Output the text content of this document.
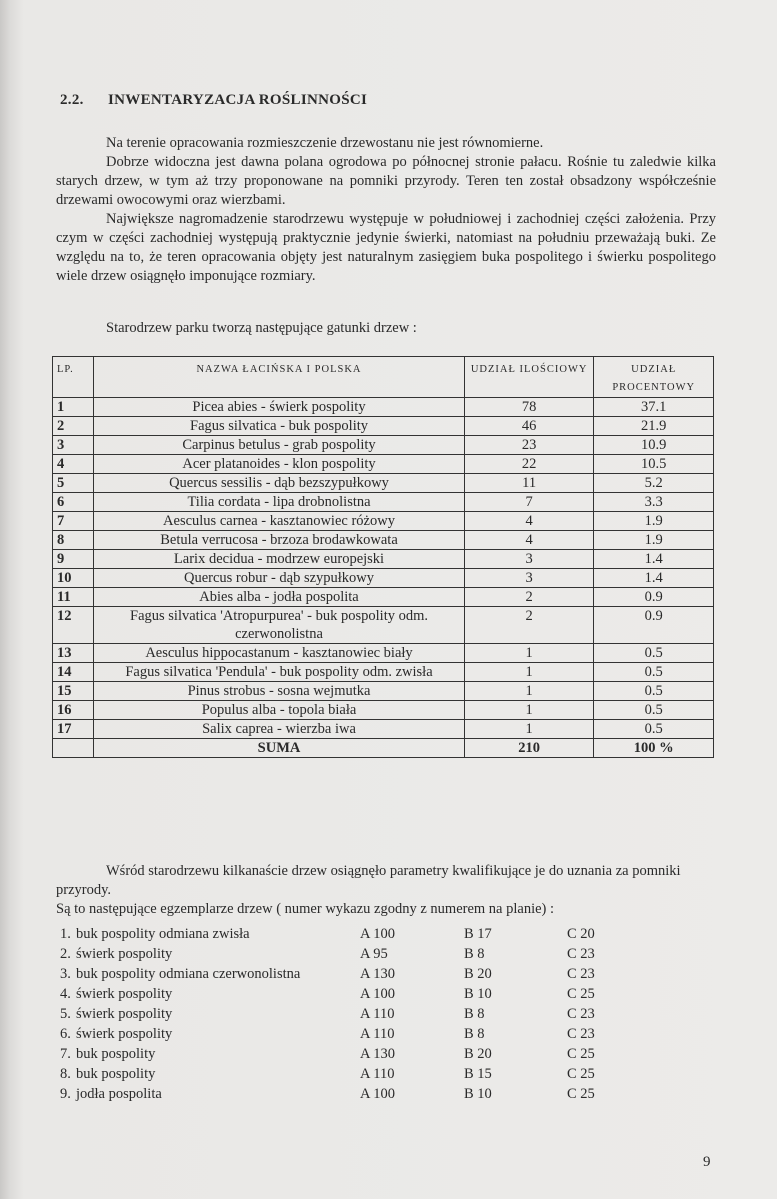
2.2. INWENTARYZACJA ROŚLINNOŚCI

Na terenie opracowania rozmieszczenie drzewostanu nie jest równomierne.

Dobrze widoczna jest dawna polana ogrodowa po północnej stronie pałacu. Rośnie tu zaledwie kilka starych drzew, w tym aż trzy proponowane na pomniki przyrody. Teren ten został obsadzony współcześnie drzewami owocowymi oraz wierzbami.

Największe nagromadzenie starodrzewu występuje w południowej i zachodniej części założenia. Przy czym w części zachodniej występują praktycznie jedynie świerki, natomiast na południu przeważają buki. Ze względu na to, że teren opracowania objęty jest naturalnym zasięgiem buka pospolitego i świerku pospolitego wiele drzew osiągnęło imponujące rozmiary.

Starodrzew parku tworzą następujące gatunki drzew :
LP.	NAZWA ŁACIŃSKA I POLSKA	UDZIAŁ ILOŚCIOWY	UDZIAŁ PROCENTOWY
1	Picea abies - świerk pospolity	78	37.1
2	Fagus silvatica - buk pospolity	46	21.9
3	Carpinus betulus - grab pospolity	23	10.9
4	Acer platanoides - klon pospolity	22	10.5
5	Quercus sessilis - dąb bezszypułkowy	11	5.2
6	Tilia cordata - lipa drobnolistna	7	3.3
7	Aesculus carnea - kasztanowiec różowy	4	1.9
8	Betula verrucosa - brzoza brodawkowata	4	1.9
9	Larix decidua - modrzew europejski	3	1.4
10	Quercus robur - dąb szypułkowy	3	1.4
11	Abies alba - jodła pospolita	2	0.9
12	Fagus silvatica 'Atropurpurea' - buk pospolity odm. czerwonolistna	2	0.9
13	Aesculus hippocastanum - kasztanowiec biały	1	0.5
14	Fagus silvatica 'Pendula' - buk pospolity odm. zwisła	1	0.5
15	Pinus strobus - sosna wejmutka	1	0.5
16	Populus alba - topola biała	1	0.5
17	Salix caprea - wierzba iwa	1	0.5
	SUMA	210	100 %

Wśród starodrzewu kilkanaście drzew osiągnęło parametry kwalifikujące je do uznania za pomniki przyrody.

Są to następujące egzemplarze drzew ( numer wykazu zgodny z numerem na planie) :

1. buk pospolity odmiana zwisła	A 100	B 17	C 20
2. świerk pospolity	A 95	B 8	C 23
3. buk pospolity odmiana czerwonolistna	A 130	B 20	C 23
4. świerk pospolity	A 100	B 10	C 25
5. świerk pospolity	A 110	B 8	C 23
6. świerk pospolity	A 110	B 8	C 23
7. buk pospolity	A 130	B 20	C 25
8. buk pospolity	A 110	B 15	C 25
9. jodła pospolita	A 100	B 10	C 25
9
